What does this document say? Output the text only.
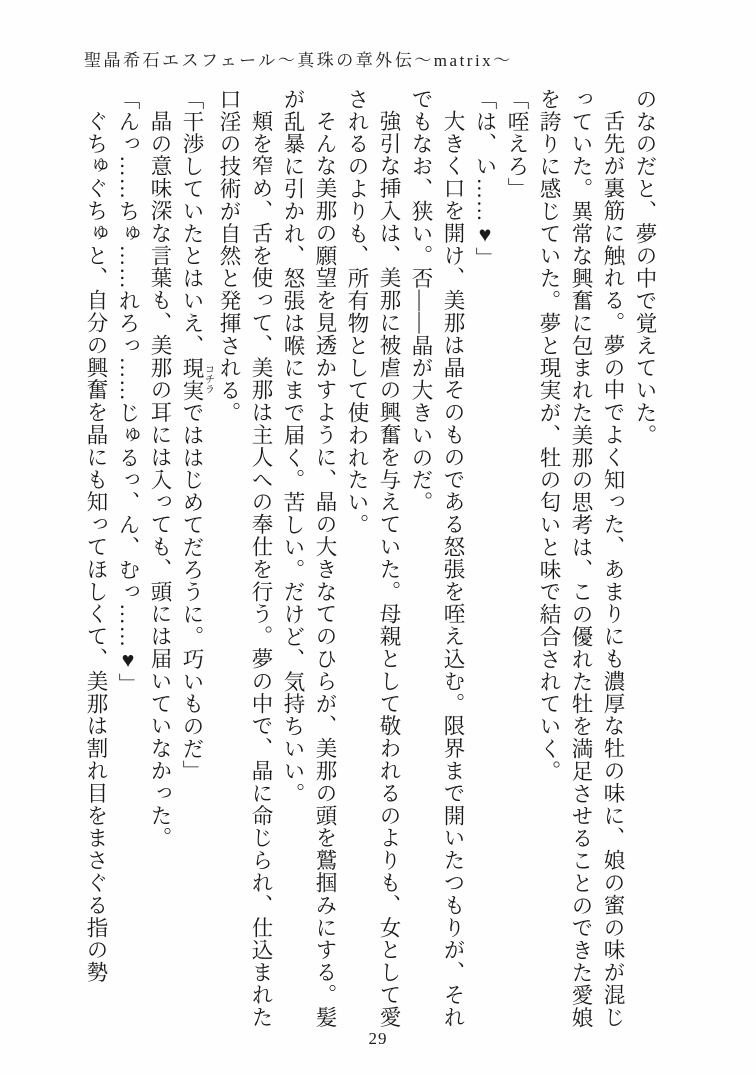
聖晶希石エスフェール～真珠の章外伝～matrix～

のなのだと、夢の中で覚えていた。

舌先が裏筋に触れる。夢の中でよく知った、あまりにも濃厚な牡の味に、娘の蜜の味が混じっていた。異常な興奮に包まれた美那の思考は、この優れた牡を満足させることのできた愛娘を誇りに感じていた。夢と現実が、牡の匂いと味で結合されていく。

「咥えろ」

「は、い……♥」

大きく口を開け、美那は晶そのものである怒張を咥え込む。限界まで開いたつもりが、それでもなお、狭い。否——晶が大きいのだ。

強引な挿入は、美那に被虐の興奮を与えていた。母親として敬われるのよりも、女として愛されるのよりも、所有物として使われたい。

そんな美那の願望を見透かすように、晶の大きなてのひらが、美那の頭を鷲掴みにする。髪が乱暴に引かれ、怒張は喉にまで届く。苦しい。だけど、気持ちいい。

頬を窄め、舌を使って、美那は主人への奉仕を行う。夢の中で、晶に命じられ、仕込まれた口淫の技術が自然と発揮される。

「干渉していたとはいえ、現実コチラでははじめてだろうに。巧いものだ」

晶の意味深な言葉も、美那の耳には入っても、頭には届いていなかった。

「んっ……ちゅ……れろっ……じゅるっ、ん、むっ……♥」

ぐちゅぐちゅと、自分の興奮を晶にも知ってほしくて、美那は割れ目をまさぐる指の勢

29
